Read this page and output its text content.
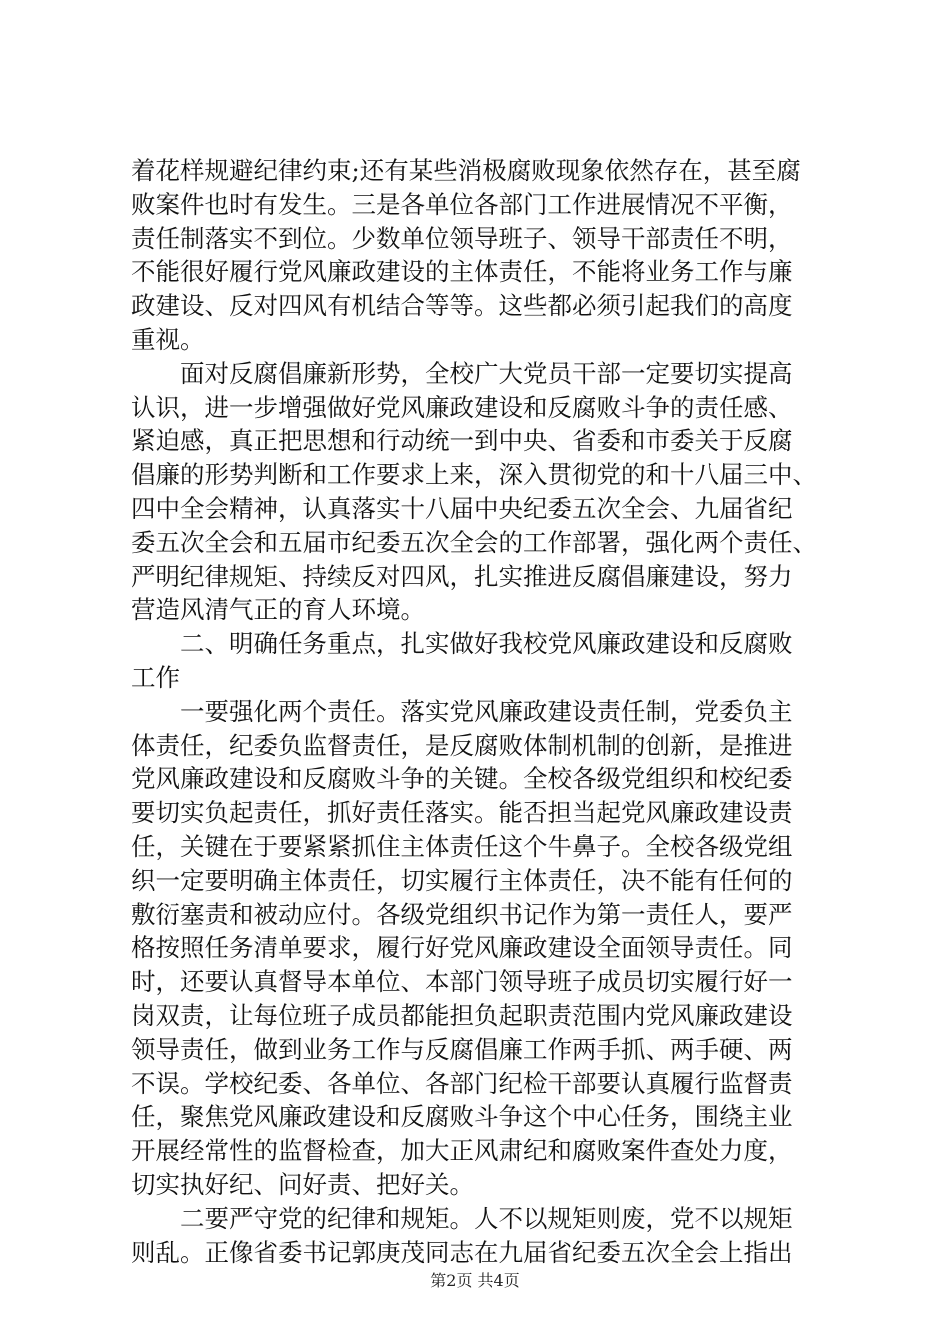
着花样规避纪律约束;还有某些消极腐败现象依然存在，甚至腐
败案件也时有发生。三是各单位各部门工作进展情况不平衡，
责任制落实不到位。少数单位领导班子、领导干部责任不明，
不能很好履行党风廉政建设的主体责任，不能将业务工作与廉
政建设、反对四风有机结合等等。这些都必须引起我们的高度
重视。
面对反腐倡廉新形势，全校广大党员干部一定要切实提高
认识，进一步增强做好党风廉政建设和反腐败斗争的责任感、
紧迫感，真正把思想和行动统一到中央、省委和市委关于反腐
倡廉的形势判断和工作要求上来，深入贯彻党的和十八届三中、
四中全会精神，认真落实十八届中央纪委五次全会、九届省纪
委五次全会和五届市纪委五次全会的工作部署，强化两个责任、
严明纪律规矩、持续反对四风，扎实推进反腐倡廉建设，努力
营造风清气正的育人环境。
二、明确任务重点，扎实做好我校党风廉政建设和反腐败
工作
一要强化两个责任。落实党风廉政建设责任制，党委负主
体责任，纪委负监督责任，是反腐败体制机制的创新，是推进
党风廉政建设和反腐败斗争的关键。全校各级党组织和校纪委
要切实负起责任，抓好责任落实。能否担当起党风廉政建设责
任，关键在于要紧紧抓住主体责任这个牛鼻子。全校各级党组
织一定要明确主体责任，切实履行主体责任，决不能有任何的
敷衍塞责和被动应付。各级党组织书记作为第一责任人，要严
格按照任务清单要求，履行好党风廉政建设全面领导责任。同
时，还要认真督导本单位、本部门领导班子成员切实履行好一
岗双责，让每位班子成员都能担负起职责范围内党风廉政建设
领导责任，做到业务工作与反腐倡廉工作两手抓、两手硬、两
不误。学校纪委、各单位、各部门纪检干部要认真履行监督责
任，聚焦党风廉政建设和反腐败斗争这个中心任务，围绕主业
开展经常性的监督检查，加大正风肃纪和腐败案件查处力度，
切实执好纪、问好责、把好关。
二要严守党的纪律和规矩。人不以规矩则废，党不以规矩
则乱。正像省委书记郭庚茂同志在九届省纪委五次全会上指出
第2页 共4页
